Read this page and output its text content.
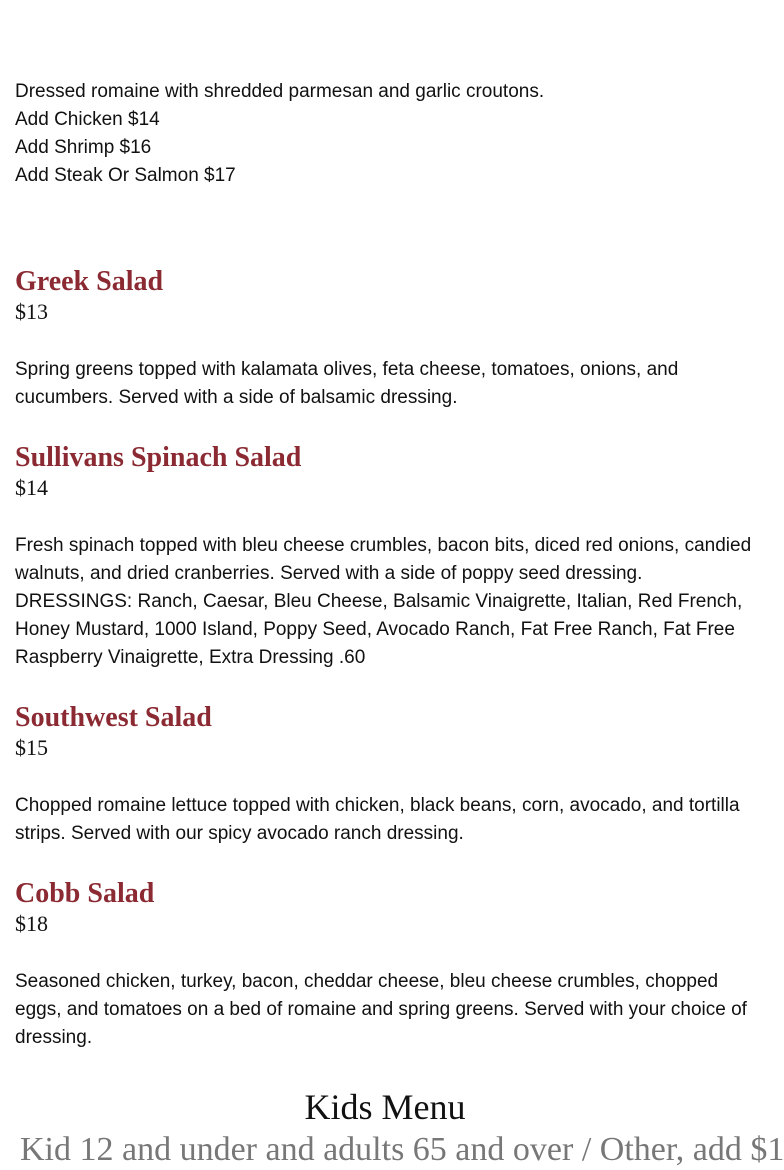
Dressed romaine with shredded parmesan and garlic croutons.
Add Chicken $14
Add Shrimp $16
Add Steak Or Salmon $17
Greek Salad
$13
Spring greens topped with kalamata olives, feta cheese, tomatoes, onions, and cucumbers. Served with a side of balsamic dressing.
Sullivans Spinach Salad
$14
Fresh spinach topped with bleu cheese crumbles, bacon bits, diced red onions, candied walnuts, and dried cranberries. Served with a side of poppy seed dressing. DRESSINGS: Ranch, Caesar, Bleu Cheese, Balsamic Vinaigrette, Italian, Red French, Honey Mustard, 1000 Island, Poppy Seed, Avocado Ranch, Fat Free Ranch, Fat Free Raspberry Vinaigrette, Extra Dressing .60
Southwest Salad
$15
Chopped romaine lettuce topped with chicken, black beans, corn, avocado, and tortilla strips. Served with our spicy avocado ranch dressing.
Cobb Salad
$18
Seasoned chicken, turkey, bacon, cheddar cheese, bleu cheese crumbles, chopped eggs, and tomatoes on a bed of romaine and spring greens. Served with your choice of dressing.
Kids Menu
Kid 12 and under and adults 65 and over / Other, add $1
